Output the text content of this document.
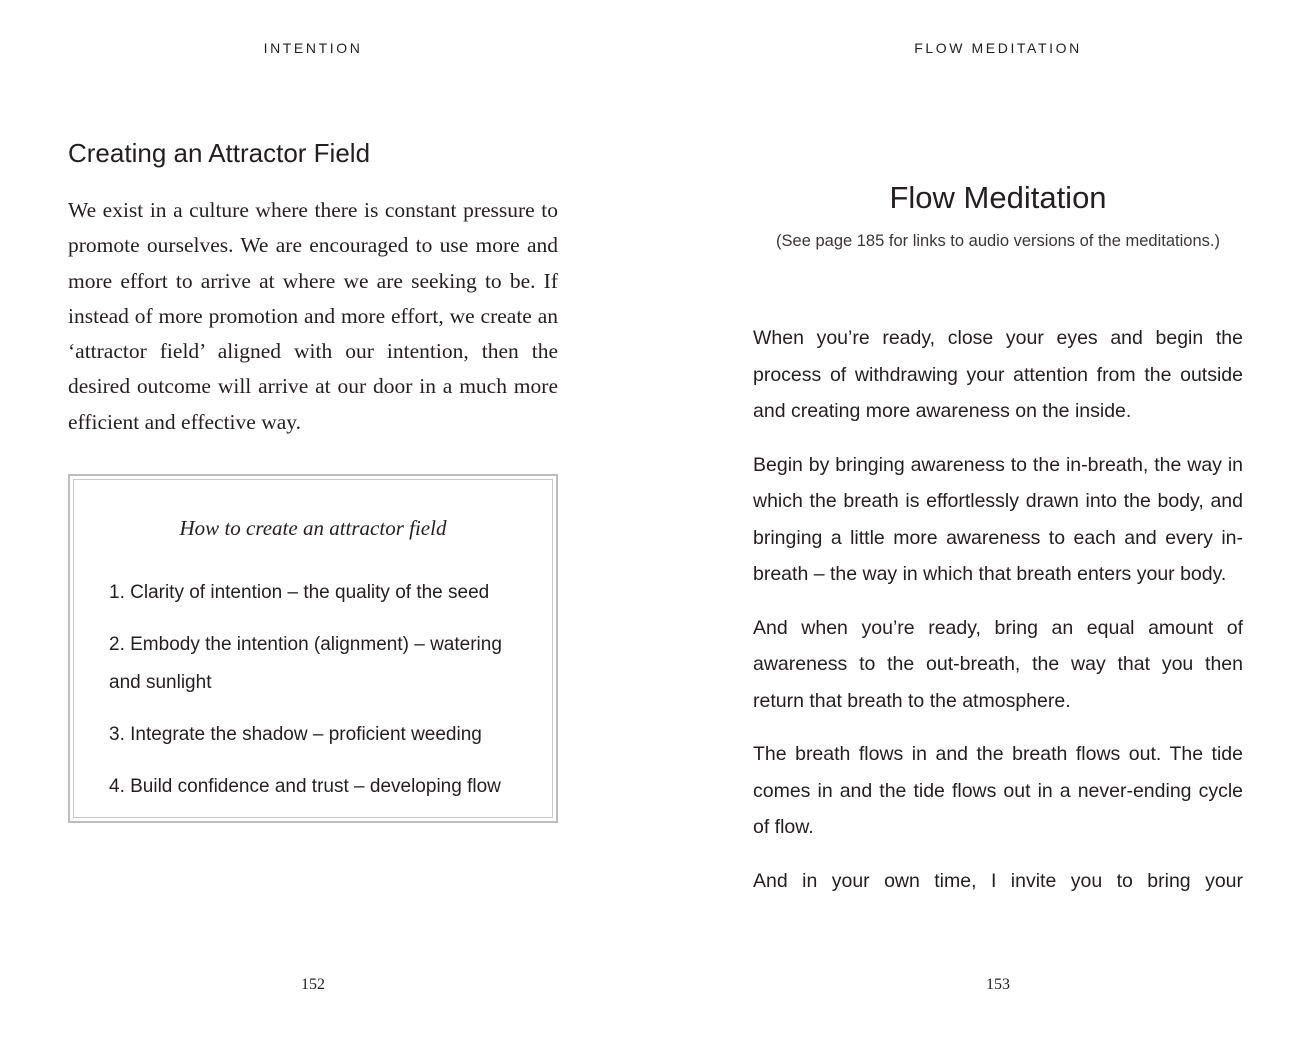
INTENTION
Creating an Attractor Field

We exist in a culture where there is constant pressure to promote ourselves. We are encouraged to use more and more effort to arrive at where we are seeking to be. If instead of more promotion and more effort, we create an ‘attractor field’ aligned with our intention, then the desired outcome will arrive at our door in a much more efficient and effective way.

How to create an attractor field

1. Clarity of intention – the quality of the seed
2. Embody the intention (alignment) – watering and sunlight
3. Integrate the shadow – proficient weeding
4. Build confidence and trust – developing flow
152
FLOW MEDITATION
Flow Meditation

(See page 185 for links to audio versions of the meditations.)

When you’re ready, close your eyes and begin the process of withdrawing your attention from the outside and creating more awareness on the inside.

Begin by bringing awareness to the in-breath, the way in which the breath is effortlessly drawn into the body, and bringing a little more awareness to each and every in-breath – the way in which that breath enters your body.

And when you’re ready, bring an equal amount of awareness to the out-breath, the way that you then return that breath to the atmosphere.

The breath flows in and the breath flows out. The tide comes in and the tide flows out in a never-ending cycle of flow.

And in your own time, I invite you to bring your

153
